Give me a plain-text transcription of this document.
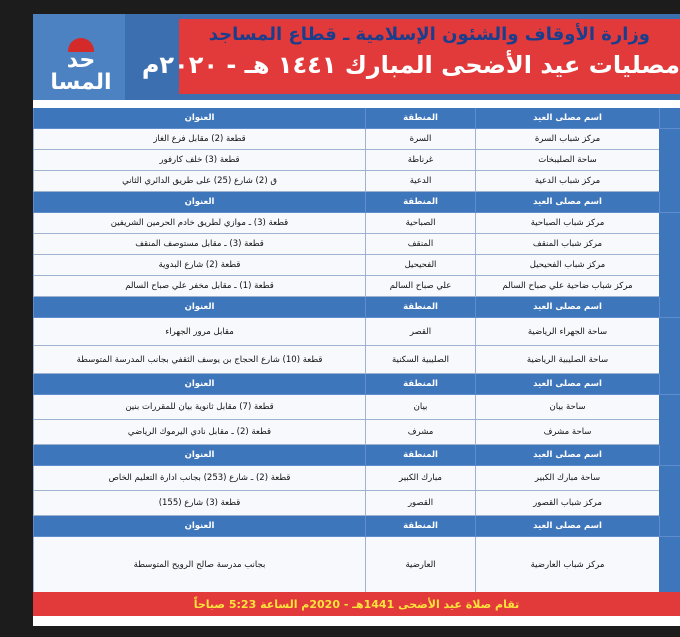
حد المسا
وزارة الأوقاف والشئون الإسلامية ـ قطاع المساجد
مصليات عيد الأضحى المبارك ١٤٤١ هـ - ٢٠٢٠م
اسم مصلى العيد
المنطقة
العنوان
مركز شباب السرة
السرة
قطعة (2) مقابل فرع الغاز
ساحة الصليبخات
غرناطة
قطعة (3) خلف كارفور
مركز شباب الدعية
الدعية
ق (2) شارع (25) على طريق الدائري الثاني
اسم مصلى العيد
المنطقة
العنوان
مركز شباب الصباحية
الصباحية
قطعة (3) ـ موازي لطريق خادم الحرمين الشريفين
مركز شباب المنقف
المنقف
قطعة (3) ـ مقابل مستوصف المنقف
مركز شباب الفحيحيل
الفحيحيل
قطعة (2) شارع البدوية
مركز شباب ضاحية علي صباح السالم
علي صباح السالم
قطعة (1) ـ مقابل مخفر علي صباح السالم
اسم مصلى العيد
المنطقة
العنوان
ساحة الجهراء الرياضية
القصر
مقابل مرور الجهراء
ساحة الصليبية الرياضية
الصليبية السكنية
قطعة (10) شارع الحجاج بن يوسف الثقفي بجانب المدرسة المتوسطة
اسم مصلى العيد
المنطقة
العنوان
ساحة بيان
بيان
قطعة (7) مقابل ثانوية بيان للمقررات بنين
ساحة مشرف
مشرف
قطعة (2) ـ مقابل نادي اليرموك الرياضي
اسم مصلى العيد
المنطقة
العنوان
ساحة مبارك الكبير
مبارك الكبير
قطعة (2) ـ شارع (253) بجانب ادارة التعليم الخاص
مركز شباب القصور
القصور
قطعة (3) شارع (155)
اسم مصلى العيد
المنطقة
العنوان
مركز شباب العارضية
العارضية
بجانب مدرسة صالح الرويح المتوسطة
تقام صلاة عيد الأضحى 1441هـ - 2020م الساعة 5:23 صباحاً
